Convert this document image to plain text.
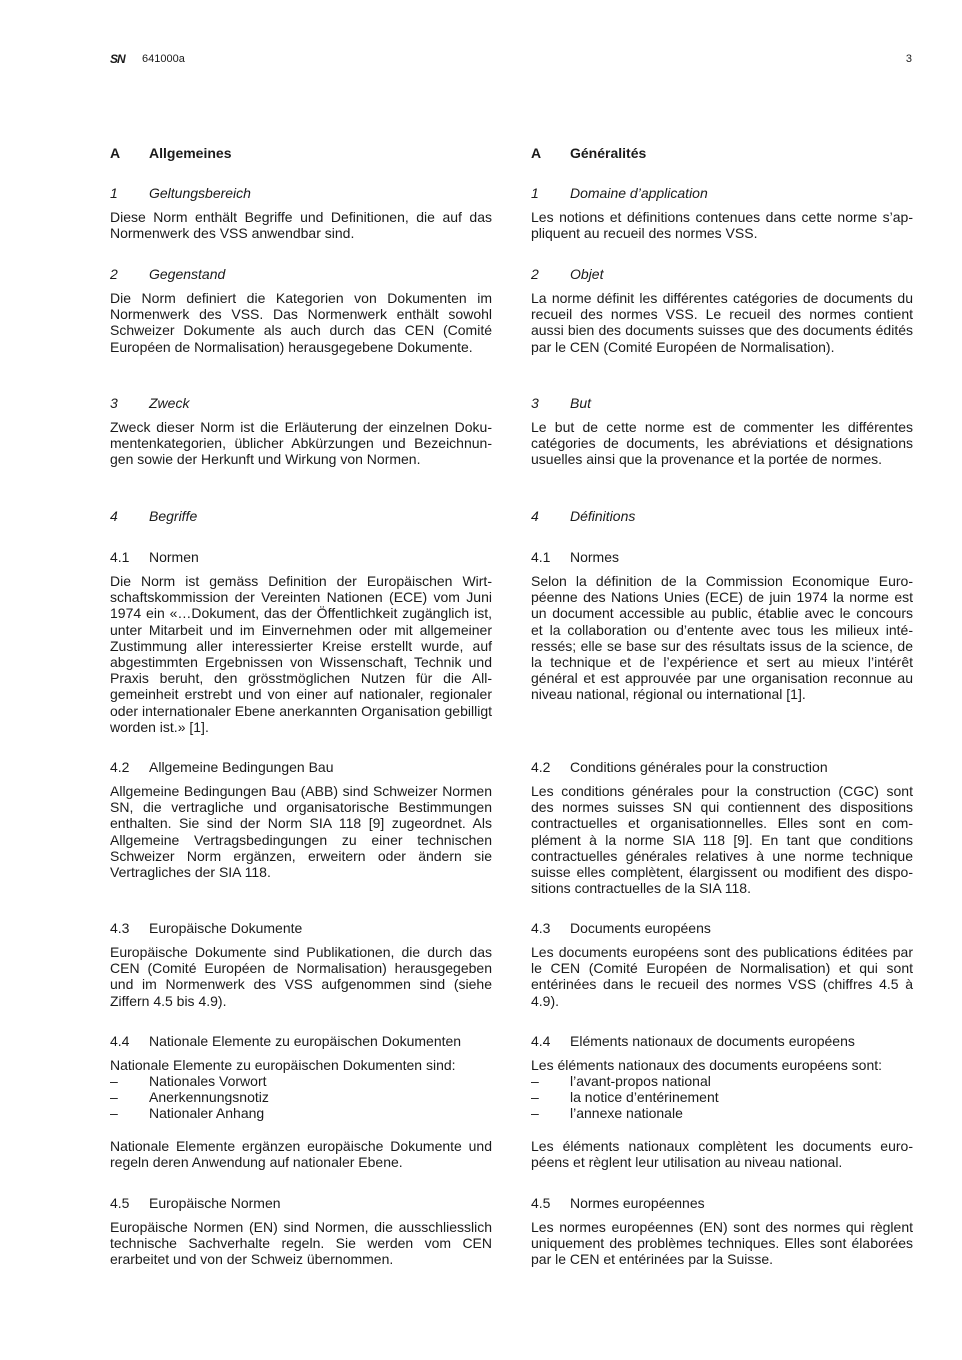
SN 641000a	3
A Allgemeines
1 Geltungsbereich
Diese Norm enthält Begriffe und Definitionen, die auf das Normenwerk des VSS anwendbar sind.
2 Gegenstand
Die Norm definiert die Kategorien von Dokumenten im Normenwerk des VSS. Das Normenwerk enthält sowohl Schweizer Dokumente als auch durch das CEN (Comité Européen de Normalisation) herausgegebene Dokumente.
3 Zweck
Zweck dieser Norm ist die Erläuterung der einzelnen Dokumentenkategorien, üblicher Abkürzungen und Bezeichnungen sowie der Herkunft und Wirkung von Normen.
4 Begriffe
4.1 Normen
Die Norm ist gemäss Definition der Europäischen Wirtschaftskommission der Vereinten Nationen (ECE) vom Juni 1974 ein «…Dokument, das der Öffentlichkeit zugänglich ist, unter Mitarbeit und im Einvernehmen oder mit allgemeiner Zustimmung aller interessierter Kreise erstellt wurde, auf abgestimmten Ergebnissen von Wissenschaft, Technik und Praxis beruht, den grösstmöglichen Nutzen für die Allgemeinheit erstrebt und von einer auf nationaler, regionaler oder internationaler Ebene anerkannten Organisation gebilligt worden ist.» [1].
4.2 Allgemeine Bedingungen Bau
Allgemeine Bedingungen Bau (ABB) sind Schweizer Normen SN, die vertragliche und organisatorische Bestimmungen enthalten. Sie sind der Norm SIA 118 [9] zugeordnet. Als Allgemeine Vertragsbedingungen zu einer technischen Schweizer Norm ergänzen, erweitern oder ändern sie Vertragliches der SIA 118.
4.3 Europäische Dokumente
Europäische Dokumente sind Publikationen, die durch das CEN (Comité Européen de Normalisation) herausgegeben und im Normenwerk des VSS aufgenommen sind (siehe Ziffern 4.5 bis 4.9).
4.4 Nationale Elemente zu europäischen Dokumenten
Nationale Elemente zu europäischen Dokumenten sind:
– Nationales Vorwort
– Anerkennungsnotiz
– Nationaler Anhang
Nationale Elemente ergänzen europäische Dokumente und regeln deren Anwendung auf nationaler Ebene.
4.5 Europäische Normen
Europäische Normen (EN) sind Normen, die ausschliesslich technische Sachverhalte regeln. Sie werden vom CEN erarbeitet und von der Schweiz übernommen.
A Généralités
1 Domaine d’application
Les notions et définitions contenues dans cette norme s’appliquent au recueil des normes VSS.
2 Objet
La norme définit les différentes catégories de documents du recueil des normes VSS. Le recueil des normes contient aussi bien des documents suisses que des documents édités par le CEN (Comité Européen de Normalisation).
3 But
Le but de cette norme est de commenter les différentes catégories de documents, les abréviations et désignations usuelles ainsi que la provenance et la portée de normes.
4 Définitions
4.1 Normes
Selon la définition de la Commission Economique Européenne des Nations Unies (ECE) de juin 1974 la norme est un document accessible au public, établie avec le concours et la collaboration ou d’entente avec tous les milieux intéressés; elle se base sur des résultats issus de la science, de la technique et de l’expérience et sert au mieux l’intérêt général et est approuvée par une organisation reconnue au niveau national, régional ou international [1].
4.2 Conditions générales pour la construction
Les conditions générales pour la construction (CGC) sont des normes suisses SN qui contiennent des dispositions contractuelles et organisationnelles. Elles sont en complément à la norme SIA 118 [9]. En tant que conditions contractuelles générales relatives à une norme technique suisse elles complètent, élargissent ou modifient des dispositions contractuelles de la SIA 118.
4.3 Documents européens
Les documents européens sont des publications éditées par le CEN (Comité Européen de Normalisation) et qui sont entérinées dans le recueil des normes VSS (chiffres 4.5 à 4.9).
4.4 Eléments nationaux de documents européens
Les éléments nationaux des documents européens sont:
– l’avant-propos national
– la notice d’entérinement
– l’annexe nationale
Les éléments nationaux complètent les documents européens et règlent leur utilisation au niveau national.
4.5 Normes européennes
Les normes européennes (EN) sont des normes qui règlent uniquement des problèmes techniques. Elles sont élaborées par le CEN et entérinées par la Suisse.
